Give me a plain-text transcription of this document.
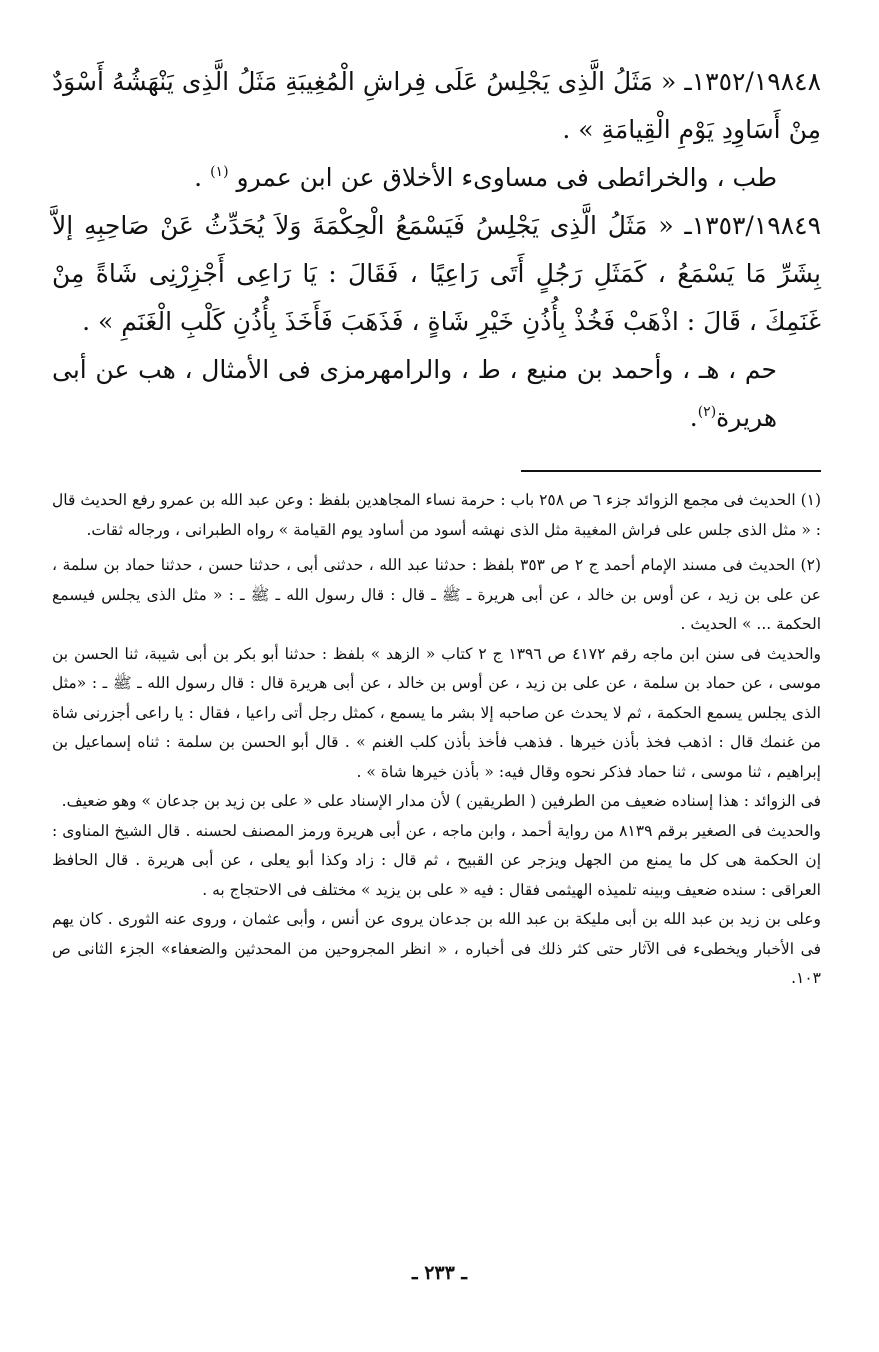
١٣٥٢/١٩٨٤٨ـ « مَثَلُ الَّذِى يَجْلِسُ عَلَى فِراشِ الْمُغِيبَةِ مَثَلُ الَّذِى يَنْهَشُهُ أَسْوَدٌ مِنْ أَسَاوِدِ يَوْمِ الْقِيامَةِ » .

طب ، والخرائطى فى مساوىء الأخلاق عن ابن عمرو $^{(١)}$ .

١٣٥٣/١٩٨٤٩ـ « مَثَلُ الَّذِى يَجْلِسُ فَيَسْمَعُ الْحِكْمَةَ وَلاَ يُحَدِّثُ عَنْ صَاحِبِهِ إلاَّ بِشَرِّ مَا يَسْمَعُ ، كَمَثَلِ رَجُلٍ أَتَى رَاعِيًا ، فَقَالَ : يَا رَاعِى أَجْزِرْنِى شَاةً مِنْ غَنَمِكَ ، قَالَ : اذْهَبْ فَخُذْ بِأُذُنِ خَيْرِ شَاةٍ ، فَذَهَبَ فَأَخَذَ بِأُذُنِ كَلْبِ الْغَنَمِ » .

حم ، هـ ، وأحمد بن منيع ، ط ، والرامهرمزى فى الأمثال ، هب عن أبى هريرة$^{(٢)}$.

(١) الحديث فى مجمع الزوائد جزء ٦ ص ٢٥٨ باب : حرمة نساء المجاهدين بلفظ : وعن عبد الله بن عمرو رفع الحديث قال : « مثل الذى جلس على فراش المغيبة مثل الذى نهشه أسود من أساود يوم القيامة » رواه الطبرانى ، ورجاله ثقات.

(٢) الحديث فى مسند الإمام أحمد ج ٢ ص ٣٥٣ بلفظ : حدثنا عبد الله ، حدثنى أبى ، حدثنا حسن ، حدثنا حماد بن سلمة ، عن على بن زيد ، عن أوس بن خالد ، عن أبى هريرة ـ ﷺ ـ قال : قال رسول الله ـ ﷺ ـ : « مثل الذى يجلس فيسمع الحكمة ... » الحديث .

والحديث فى سنن ابن ماجه رقم ٤١٧٢ ص ١٣٩٦ ج ٢ كتاب « الزهد » بلفظ : حدثنا أبو بكر بن أبى شيبة، ثنا الحسن بن موسى ، عن حماد بن سلمة ، عن على بن زيد ، عن أوس بن خالد ، عن أبى هريرة قال : قال رسول الله ـ ﷺ ـ : «مثل الذى يجلس يسمع الحكمة ، ثم لا يحدث عن صاحبه إلا بشر ما يسمع ، كمثل رجل أتى راعيا ، فقال : يا راعى أجزرنى شاة من غنمك قال : اذهب فخذ بأذن خيرها . فذهب فأخذ بأذن كلب الغنم » . قال أبو الحسن بن سلمة : ثناه إسماعيل بن إبراهيم ، ثنا موسى ، ثنا حماد فذكر نحوه وقال فيه: « بأذن خيرها شاة » .

فى الزوائد : هذا إسناده ضعيف من الطرفين ( الطريقين ) لأن مدار الإسناد على « على بن زيد بن جدعان » وهو ضعيف.

والحديث فى الصغير برقم ٨١٣٩ من رواية أحمد ، وابن ماجه ، عن أبى هريرة ورمز المصنف لحسنه . قال الشيخ المناوى : إن الحكمة هى كل ما يمنع من الجهل ويزجر عن القبيح ، ثم قال : زاد وكذا أبو يعلى ، عن أبى هريرة . قال الحافظ العراقى : سنده ضعيف وبينه تلميذه الهيثمى فقال : فيه « على بن يزيد » مختلف فى الاحتجاج به .

وعلى بن زيد بن عبد الله بن أبى مليكة بن عبد الله بن جدعان يروى عن أنس ، وأبى عثمان ، وروى عنه الثورى . كان يهم فى الأخبار ويخطىء فى الآثار حتى كثر ذلك فى أخباره ، « انظر المجروحين من المحدثين والضعفاء» الجزء الثانى ص ١٠٣.

ـ ٢٣٣ ـ
